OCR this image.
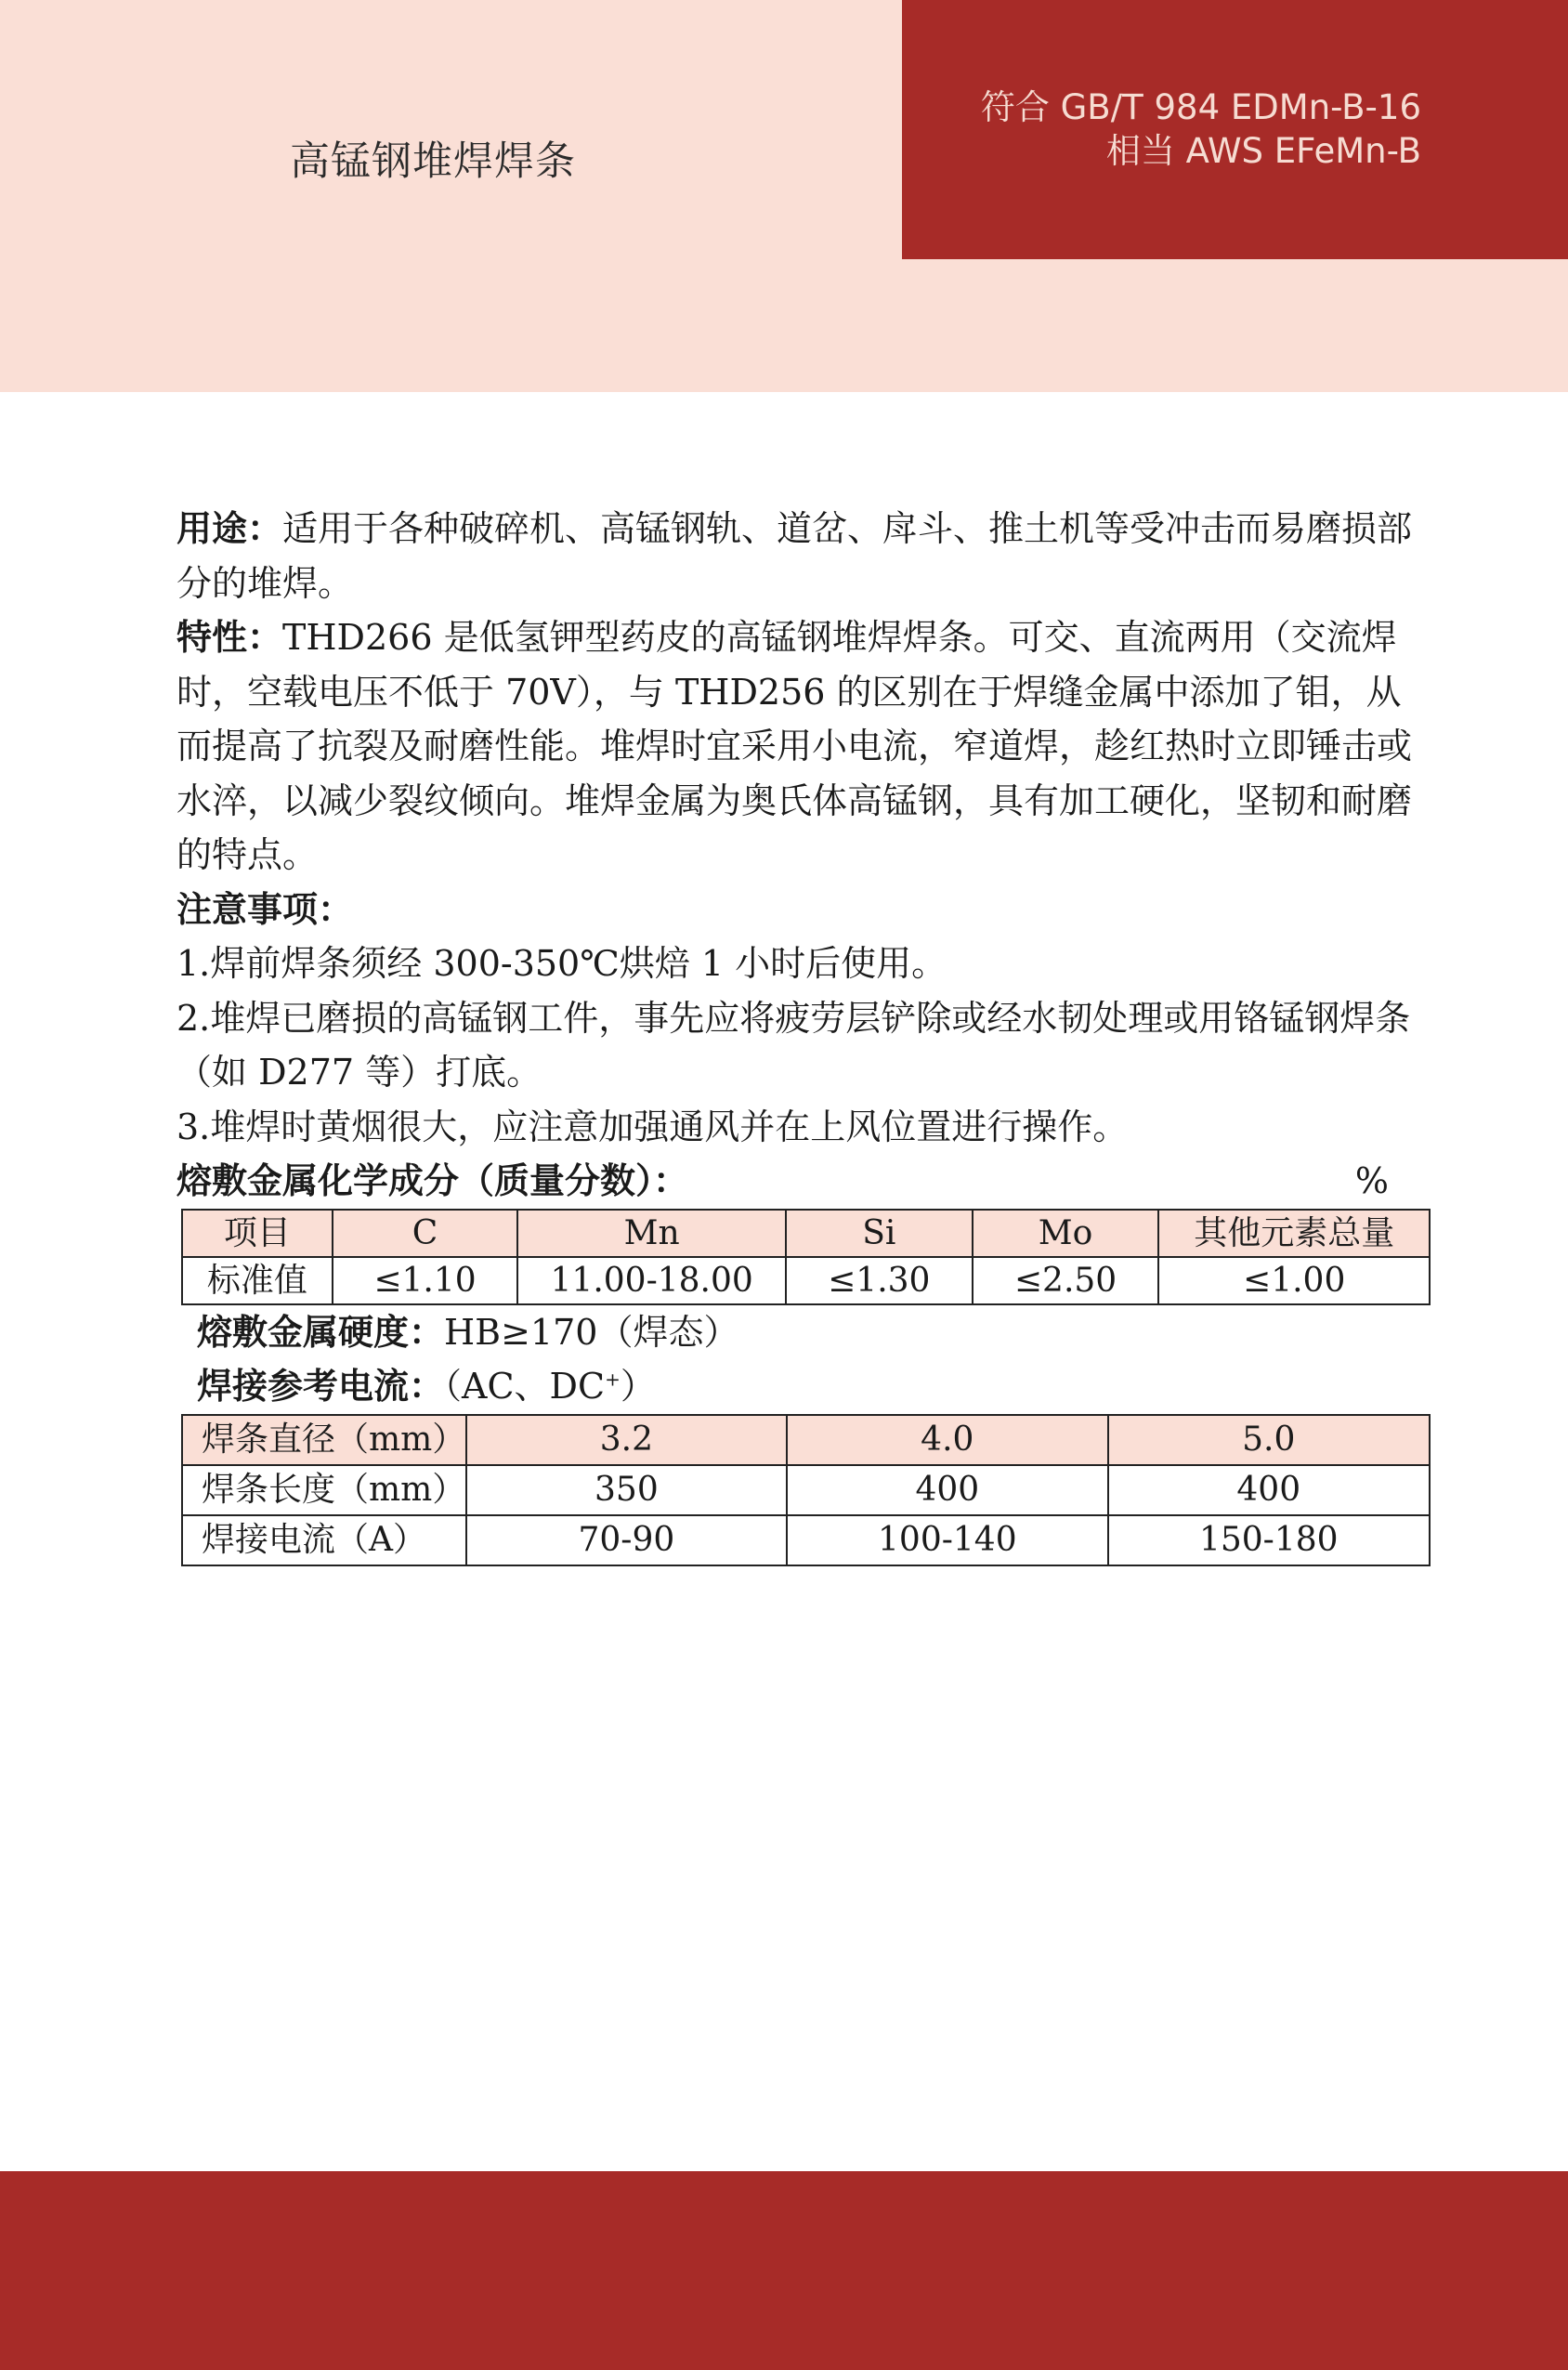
高锰钢堆焊焊条
符合 GB/T 984 EDMn-B-16
相当 AWS EFeMn-B

用途：适用于各种破碎机、高锰钢轨、道岔、戽斗、推土机等受冲击而易磨损部分的堆焊。

特性：THD266 是低氢钾型药皮的高锰钢堆焊焊条。可交、直流两用（交流焊时，空载电压不低于 70V），与 THD256 的区别在于焊缝金属中添加了钼，从而提高了抗裂及耐磨性能。堆焊时宜采用小电流，窄道焊，趁红热时立即锤击或水淬，以减少裂纹倾向。堆焊金属为奥氏体高锰钢，具有加工硬化，坚韧和耐磨的特点。

注意事项：

1.焊前焊条须经 300-350℃烘焙 1 小时后使用。

2.堆焊已磨损的高锰钢工件，事先应将疲劳层铲除或经水韧处理或用铬锰钢焊条（如 D277 等）打底。

3.堆焊时黄烟很大，应注意加强通风并在上风位置进行操作。

熔敷金属化学成分（质量分数）：	%
项目	C	Mn	Si	Mo	其他元素总量
标准值	≤1.10	11.00-18.00	≤1.30	≤2.50	≤1.00

熔敷金属硬度：HB≥170（焊态）

焊接参考电流：（AC、DC+）

焊条直径（mm）	3.2	4.0	5.0
焊条长度（mm）	350	400	400
焊接电流（A）	70-90	100-140	150-180
